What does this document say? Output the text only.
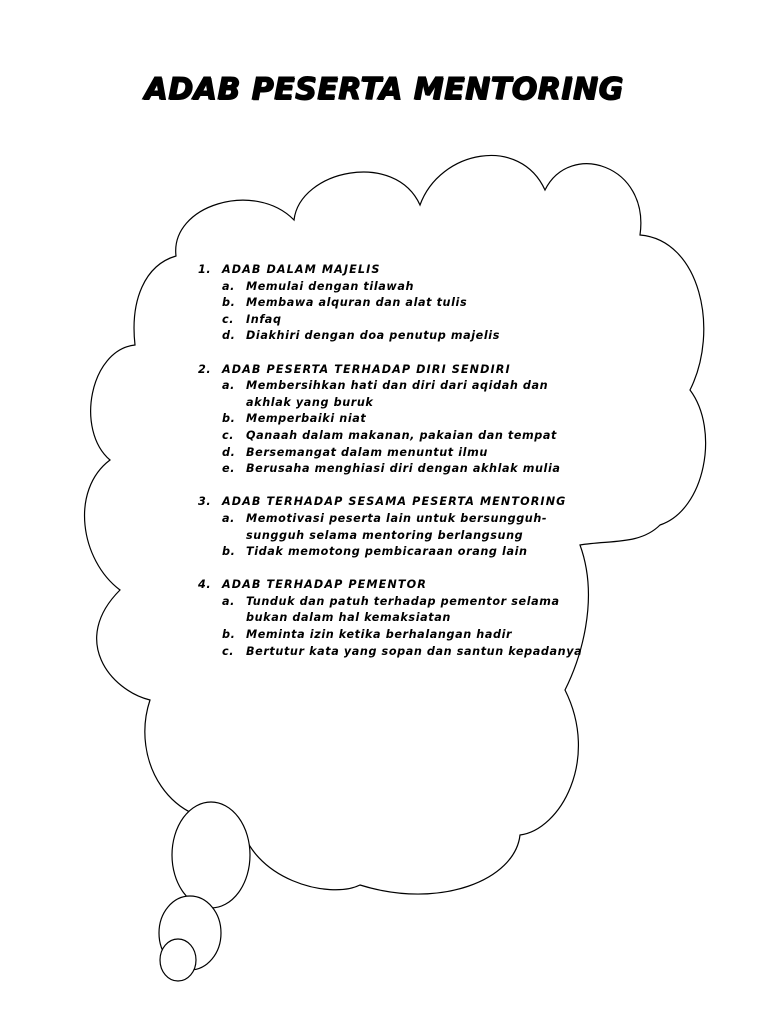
ADAB PESERTA MENTORING
1. ADAB DALAM MAJELIS
a. Memulai dengan tilawah
b. Membawa alquran dan alat tulis
c.	Infaq
d. Diakhiri dengan doa penutup majelis
2. ADAB PESERTA TERHADAP DIRI SENDIRI
a. Membersihkan hati dan diri dari aqidah dan akhlak yang buruk
b. Memperbaiki niat
c.	Qanaah dalam makanan, pakaian dan tempat
d. Bersemangat dalam menuntut ilmu
e. Berusaha menghiasi diri dengan akhlak mulia
3. ADAB TERHADAP SESAMA PESERTA MENTORING
a. Memotivasi peserta lain untuk bersungguh-sungguh selama mentoring berlangsung
b. Tidak memotong pembicaraan orang lain
4. ADAB TERHADAP PEMENTOR
a. Tunduk dan patuh terhadap pementor selama bukan dalam hal kemaksiatan
b. Meminta izin ketika berhalangan hadir
c.	Bertutur kata yang sopan dan santun kepadanya
